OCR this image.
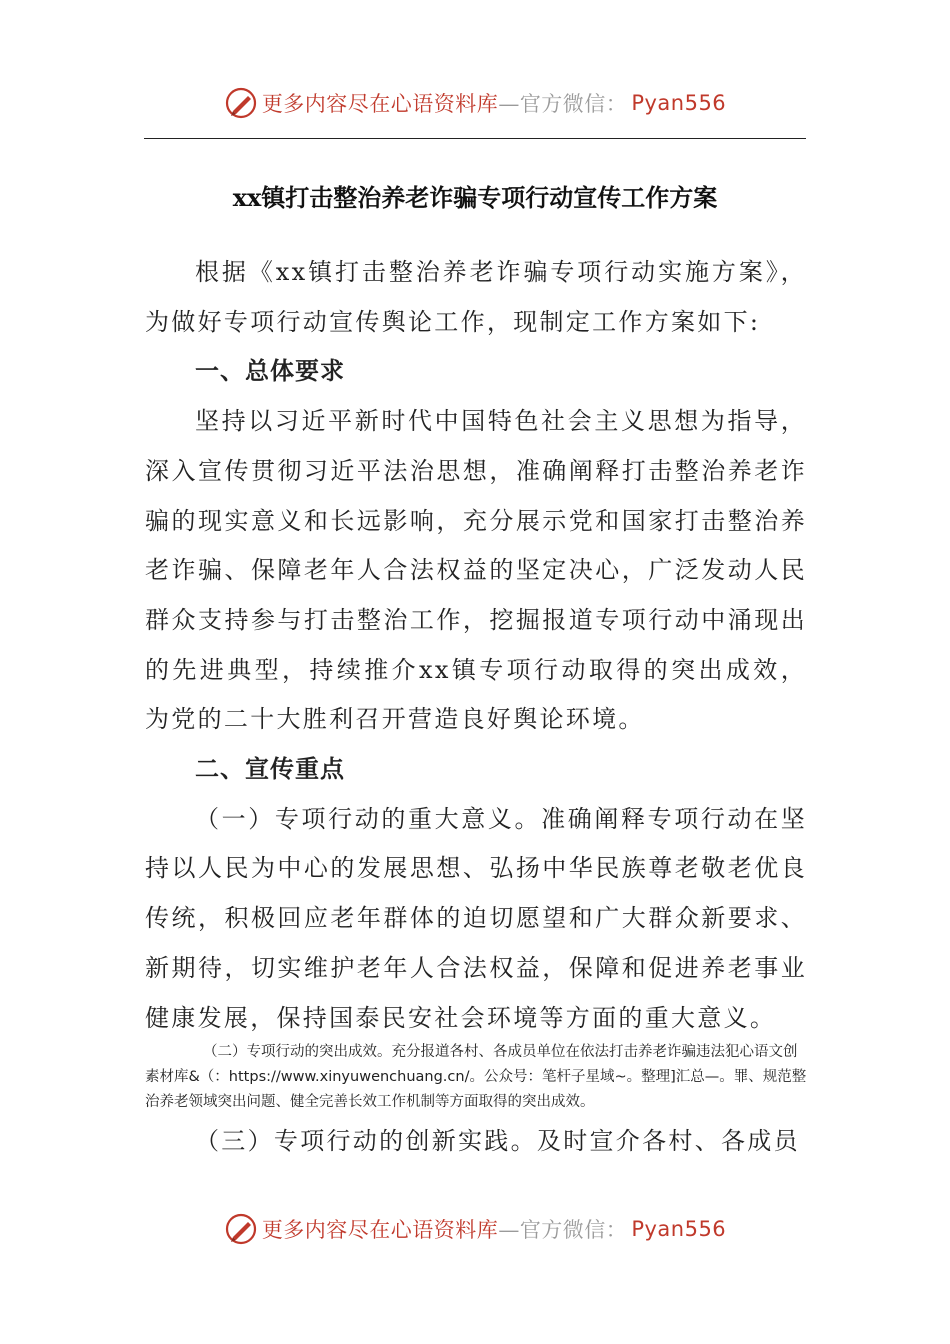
更多内容尽在心语资料库 —官方微信： Pyan556
xx镇打击整治养老诈骗专项行动宣传工作方案

根据《xx镇打击整治养老诈骗专项行动实施方案》，为做好专项行动宣传舆论工作，现制定工作方案如下:

一、总体要求

坚持以习近平新时代中国特色社会主义思想为指导，深入宣传贯彻习近平法治思想，准确阐释打击整治养老诈骗的现实意义和长远影响，充分展示党和国家打击整治养老诈骗、保障老年人合法权益的坚定决心，广泛发动人民群众支持参与打击整治工作，挖掘报道专项行动中涌现出的先进典型，持续推介xx镇专项行动取得的突出成效，为党的二十大胜利召开营造良好舆论环境。

二、宣传重点

（一）专项行动的重大意义。准确阐释专项行动在坚持以人民为中心的发展思想、弘扬中华民族尊老敬老优良传统，积极回应老年群体的迫切愿望和广大群众新要求、新期待，切实维护老年人合法权益，保障和促进养老事业健康发展，保持国泰民安社会环境等方面的重大意义。

（二）专项行动的突出成效。充分报道各村、各成员单位在依法打击养老诈骗违法犯心语文创素材库&（：https://www.xinyuwenchuang.cn/。公众号：笔杆子星域~。整理]汇总—。罪、规范整治养老领域突出问题、健全完善长效工作机制等方面取得的突出成效。

（三）专项行动的创新实践。及时宣介各村、各成员

更多内容尽在心语资料库 —官方微信： Pyan556
